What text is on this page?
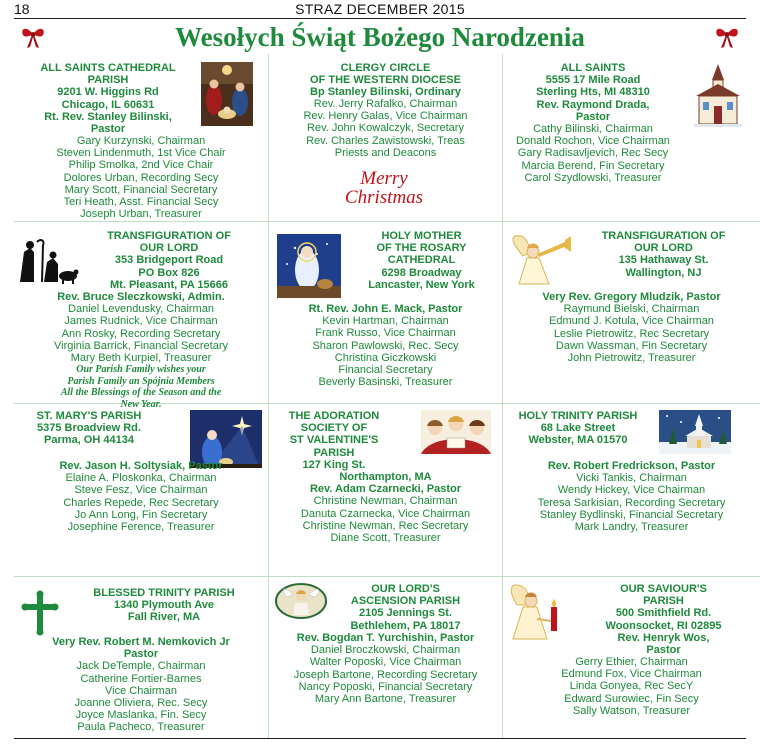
18	STRAZ DECEMBER 2015
Wesołych Świąt Bożego Narodzenia
ALL SAINTS CATHEDRAL
PARISH
9201 W. Higgins Rd
Chicago, IL 60631
Rt. Rev. Stanley Bilinski,
Pastor
Gary Kurzynski, Chairman
Steven Lindenmuth, 1st Vice Chair
Philip Smolka, 2nd Vice Chair
Dolores Urban, Recording Secy
Mary Scott, Financial Secretary
Teri Heath, Asst. Financial Secy
Joseph Urban, Treasurer
CLERGY CIRCLE
OF THE WESTERN DIOCESE
Bp Stanley Bilinski, Ordinary
Rev. Jerry Rafalko, Chairman
Rev. Henry Galas, Vice Chairman
Rev. John Kowalczyk, Secretary
Rev. Charles Zawistowski, Treas
Priests and Deacons
Merry
Christmas
ALL SAINTS
5555 17 Mile Road
Sterling Hts, MI 48310
Rev. Raymond Drada,
Pastor
Cathy Bilinski, Chairman
Donald Rochon, Vice Chairman
Gary Radisavljevich, Rec Secy
Marcia Berend, Fin Secretary
Carol Szydlowski, Treasurer
TRANSFIGURATION OF
OUR LORD
353 Bridgeport Road
PO Box 826
Mt. Pleasant, PA 15666
Rev. Bruce Sleczkowski, Admin.
Daniel Levendusky, Chairman
James Rudnick, Vice Chairman
Ann Rosky, Recording Secretary
Virginia Barrick, Financial Secretary
Mary Beth Kurpiel, Treasurer
Our Parish Family wishes your
Parish Family an Spójnia Members
All the Blessings of the Season and the
New Year.
HOLY MOTHER
OF THE ROSARY
CATHEDRAL
6298 Broadway
Lancaster, New York
Rt. Rev. John E. Mack, Pastor
Kevin Hartman, Chairman
Frank Russo, Vice Chairman
Sharon Pawlowski, Rec. Secy
Christina Giczkowski
Financial Secretary
Beverly Basinski, Treasurer
TRANSFIGURATION OF
OUR LORD
135 Hathaway St.
Wallington, NJ
Very Rev. Gregory Mludzik, Pastor
Raymund Bielski, Chairman
Edmund J. Kotula, Vice Chairman
Leslie Pietrowitz, Rec Secretary
Dawn Wassman, Fin Secretary
John Pietrowitz, Treasurer
ST. MARY'S PARISH
5375 Broadview Rd.
Parma, OH 44134
Rev. Jason H. Soltysiak, Pastor
Elaine A. Ploskonka, Chairman
Steve Fesz, Vice Chairman
Charles Repede, Rec Secretary
Jo Ann Long, Fin Secretary
Josephine Ference, Treasurer
THE ADORATION
SOCIETY OF
ST VALENTINE'S
PARISH
127 King St.
Northampton, MA
Rev. Adam Czarnecki, Pastor
Christine Newman, Chairman
Danuta Czarnecka, Vice Chairman
Christine Newman, Rec Secretary
Diane Scott, Treasurer
HOLY TRINITY PARISH
68 Lake Street
Webster, MA 01570
Rev. Robert Fredrickson, Pastor
Vicki Tankis, Chairman
Wendy Hickey, Vice Chairman
Teresa Sarkisian, Recording Secretary
Stanley Bydlinski, Financial Secretary
Mark Landry, Treasurer
BLESSED TRINITY PARISH
1340 Plymouth Ave
Fall River, MA
Very Rev. Robert M. Nemkovich Jr
Pastor
Jack DeTemple, Chairman
Catherine Fortier-Barnes
Vice Chairman
Joanne Oliviera, Rec. Secy
Joyce Maslanka, Fin. Secy
Paula Pacheco, Treasurer
OUR LORD'S
ASCENSION PARISH
2105 Jennings St.
Bethlehem, PA 18017
Rev. Bogdan T. Yurchishin, Pastor
Daniel Broczkowski, Chairman
Walter Poposki, Vice Chairman
Joseph Bartone, Recording Secretary
Nancy Poposki, Financial Secretary
Mary Ann Bartone, Treasurer
OUR SAVIOUR'S
PARISH
500 Smithfield Rd.
Woonsocket, RI 02895
Rev. Henryk Wos,
Pastor
Gerry Ethier, Chairman
Edmund Fox, Vice Chairman
Linda Gonyea, Rec SecY
Edward Surowiec, Fin Secy
Sally Watson, Treasurer
